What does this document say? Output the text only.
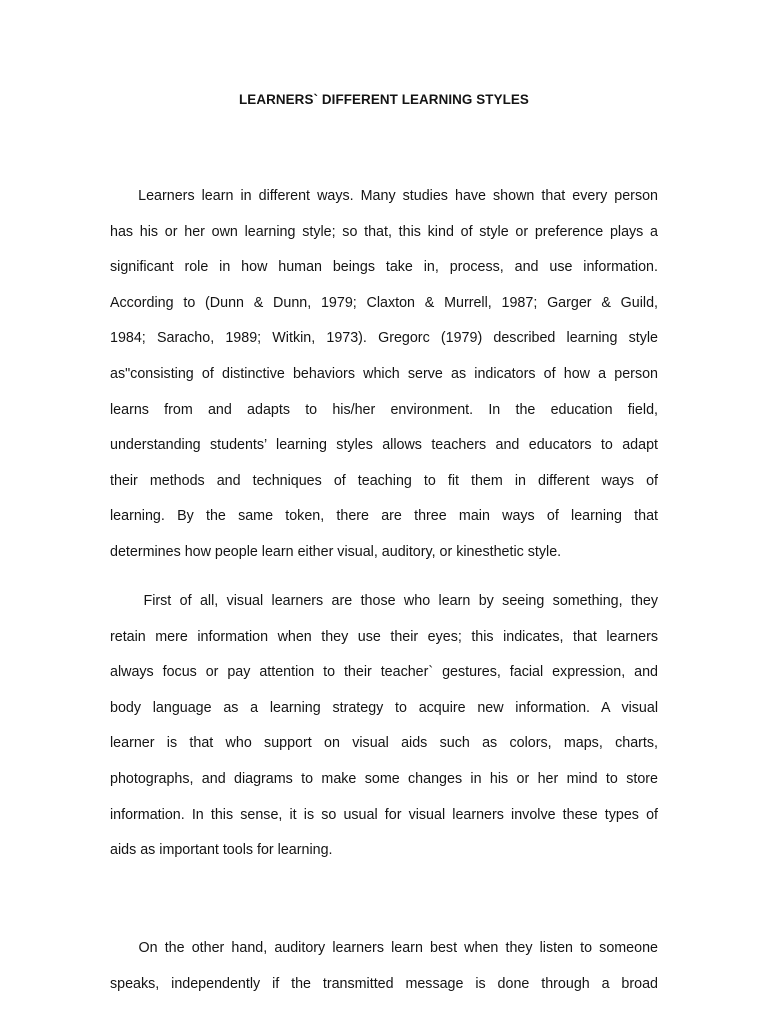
LEARNERS` DIFFERENT LEARNING STYLES

Learners learn in different ways. Many studies have shown that every person
has his or her own learning style; so that, this kind of style or preference plays a
significant role in how human beings take in, process, and use information.
According to (Dunn & Dunn, 1979; Claxton & Murrell, 1987; Garger & Guild,
1984; Saracho, 1989; Witkin, 1973). Gregorc (1979) described learning style
as"consisting of distinctive behaviors which serve as indicators of how a person
learns from and adapts to his/her environment. In the education field,
understanding students’ learning styles allows teachers and educators to adapt
their methods and techniques of teaching to fit them in different ways of
learning. By the same token, there are three main ways of learning that
determines how people learn either visual, auditory, or kinesthetic style.

First of all, visual learners are those who learn by seeing something, they
retain mere information when they use their eyes; this indicates, that learners
always focus or pay attention to their teacher` gestures, facial expression, and
body language as a learning strategy to acquire new information. A visual
learner is that who support on visual aids such as colors, maps, charts,
photographs, and diagrams to make some changes in his or her mind to store
information. In this sense, it is so usual for visual learners involve these types of
aids as important tools for learning.

On the other hand, auditory learners learn best when they listen to someone
speaks, independently if the transmitted message is done through a broad
